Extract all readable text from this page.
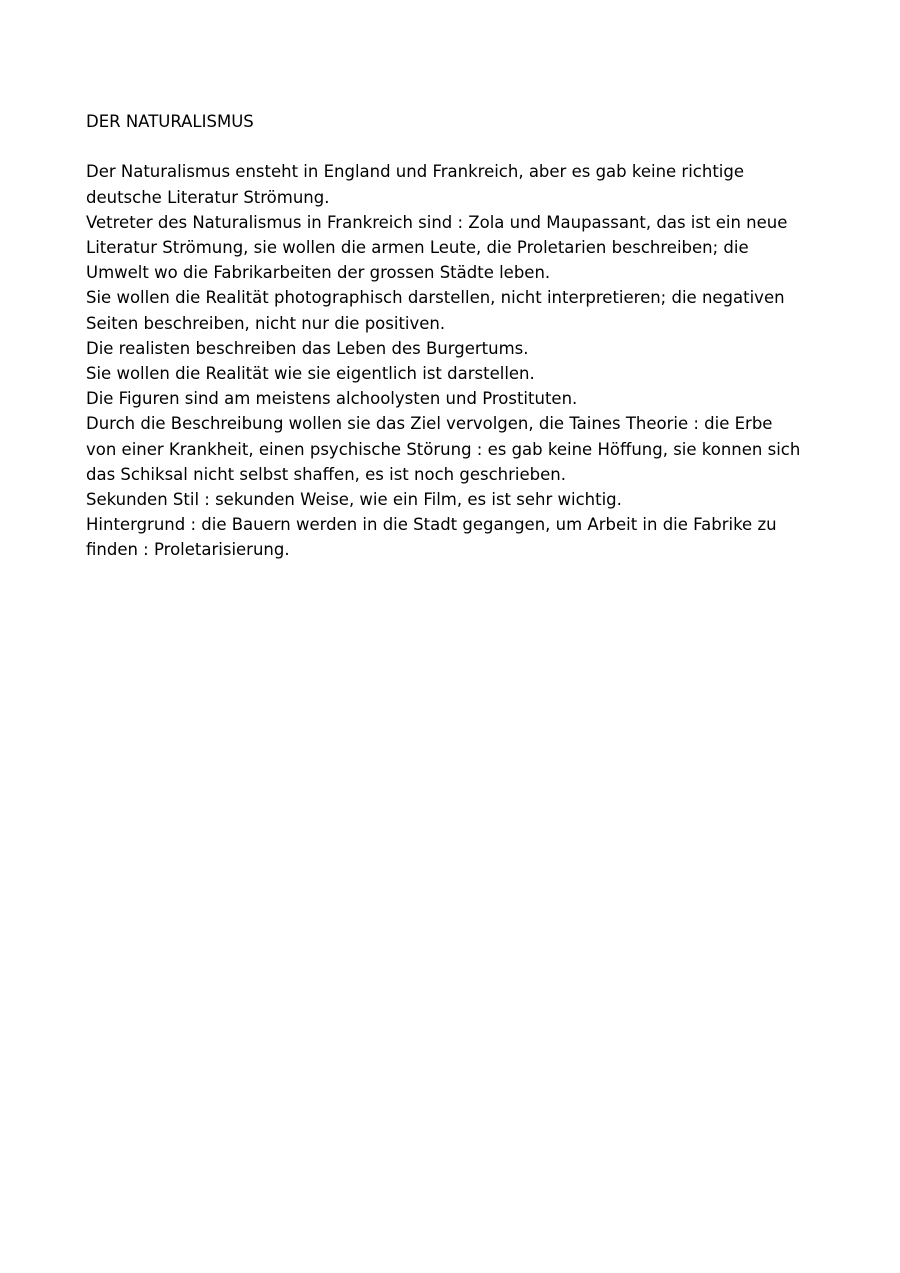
DER NATURALISMUS

Der Naturalismus ensteht in England und Frankreich, aber es gab keine richtige

deutsche Literatur Strömung.

Vetreter des Naturalismus in Frankreich sind : Zola und Maupassant, das ist ein neue

Literatur Strömung, sie wollen die armen Leute, die Proletarien beschreiben; die

Umwelt wo die Fabrikarbeiten der grossen Städte leben.

Sie wollen die Realität photographisch darstellen, nicht interpretieren; die negativen

Seiten beschreiben, nicht nur die positiven.

Die realisten beschreiben das Leben des Burgertums.

Sie wollen die Realität wie sie eigentlich ist darstellen.

Die Figuren sind am meistens alchoolysten und Prostituten.

Durch die Beschreibung wollen sie das Ziel vervolgen, die Taines Theorie : die Erbe

von einer Krankheit, einen psychische Störung : es gab keine Höffung, sie konnen sich

das Schiksal nicht selbst shaffen, es ist noch geschrieben.

Sekunden Stil : sekunden Weise, wie ein Film, es ist sehr wichtig.

Hintergrund : die Bauern werden in die Stadt gegangen, um Arbeit in die Fabrike zu

finden : Proletarisierung.
